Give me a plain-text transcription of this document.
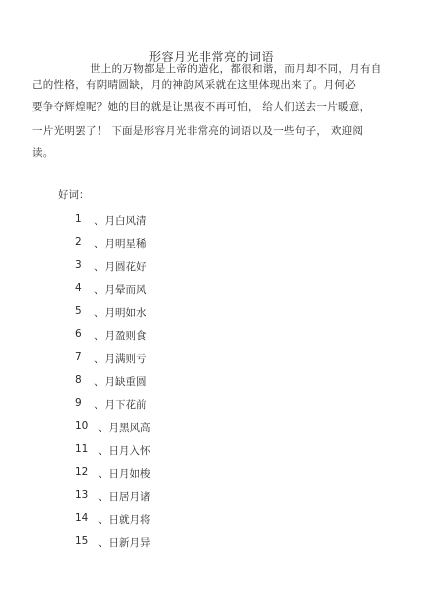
形容月光非常亮的词语
世上的万物都是上帝的造化，都很和谐，而月却不同，月有自
己的性格，有阴晴圆缺，月的神韵风采就在这里体现出来了。月何必
要争夺辉煌呢？她的目的就是让黑夜不再可怕， 给人们送去一片暖意，
一片光明罢了！ 下面是形容月光非常亮的词语以及一些句子， 欢迎阅
读。
好词：
1	、月白风清
2	、月明星稀
3	、月圆花好
4	、月晕而风
5	、月明如水
6	、月盈则食
7	、月满则亏
8	、月缺重圆
9	、月下花前
10 、月黑风高
11 、日月入怀
12 、日月如梭
13 、日居月诸
14 、日就月将
15 、日新月异
